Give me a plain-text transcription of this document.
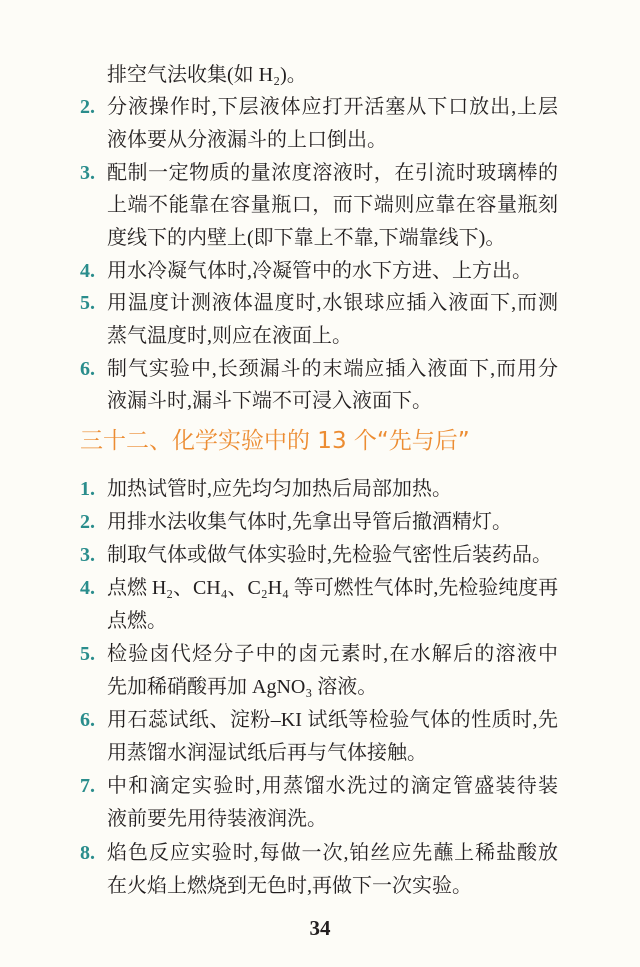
排空气法收集(如 H₂)。
2. 分液操作时,下层液体应打开活塞从下口放出,上层
液体要从分液漏斗的上口倒出。
3. 配制一定物质的量浓度溶液时，在引流时玻璃棒的
上端不能靠在容量瓶口，而下端则应靠在容量瓶刻
度线下的内壁上(即下靠上不靠,下端靠线下)。
4. 用水冷凝气体时,冷凝管中的水下方进、上方出。
5. 用温度计测液体温度时,水银球应插入液面下,而测
蒸气温度时,则应在液面上。
6. 制气实验中,长颈漏斗的末端应插入液面下,而用分
液漏斗时,漏斗下端不可浸入液面下。
三十二、化学实验中的 13 个“先与后”
1. 加热试管时,应先均匀加热后局部加热。
2. 用排水法收集气体时,先拿出导管后撤酒精灯。
3. 制取气体或做气体实验时,先检验气密性后装药品。
4. 点燃 H₂、CH₄、C₂H₄ 等可燃性气体时,先检验纯度再
点燃。
5. 检验卤代烃分子中的卤元素时,在水解后的溶液中
先加稀硝酸再加 AgNO₃ 溶液。
6. 用石蕊试纸、淀粉–KI 试纸等检验气体的性质时,先
用蒸馏水润湿试纸后再与气体接触。
7. 中和滴定实验时,用蒸馏水洗过的滴定管盛装待装
液前要先用待装液润洗。
8. 焰色反应实验时,每做一次,铂丝应先蘸上稀盐酸放
在火焰上燃烧到无色时,再做下一次实验。
34
